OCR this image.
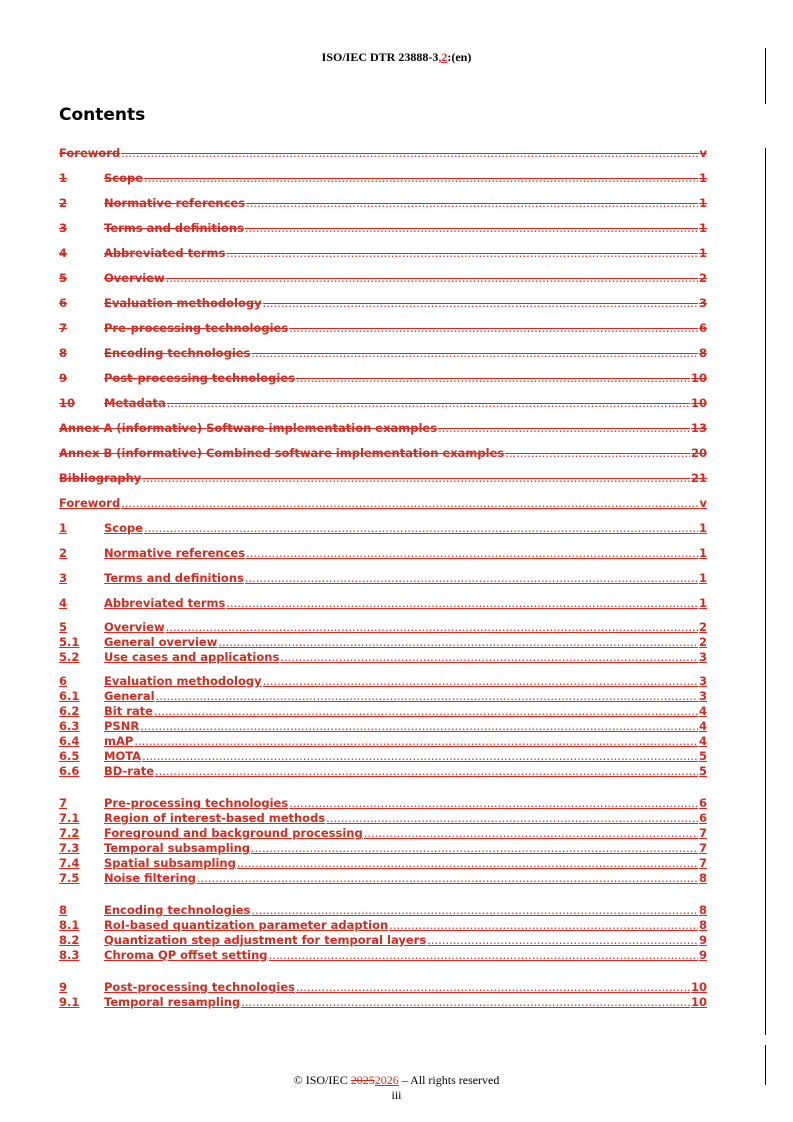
ISO/IEC DTR 23888-3,2:(en)
Contents
Foreword .....	v
1	Scope .....	1
2	Normative references .....	1
3	Terms and definitions .....	1
4	Abbreviated terms .....	1
5	Overview .....	2
6	Evaluation methodology .....	3
7	Pre-processing technologies .....	6
8	Encoding technologies .....	8
9	Post-processing technologies .....	10
10	Metadata .....	10
Annex A (informative) Software implementation examples .....	13
Annex B (informative) Combined software implementation examples .....	20
Bibliography .....	21
Foreword .....	v
1	Scope .....	1
2	Normative references .....	1
3	Terms and definitions .....	1
4	Abbreviated terms .....	1
5	Overview .....	2
5.1	General overview .....	2
5.2	Use cases and applications .....	3
6	Evaluation methodology .....	3
6.1	General .....	3
6.2	Bit rate .....	4
6.3	PSNR .....	4
6.4	mAP .....	4
6.5	MOTA .....	5
6.6	BD-rate .....	5
7	Pre-processing technologies .....	6
7.1	Region of interest-based methods .....	6
7.2	Foreground and background processing .....	7
7.3	Temporal subsampling .....	7
7.4	Spatial subsampling .....	7
7.5	Noise filtering .....	8
8	Encoding technologies .....	8
8.1	RoI-based quantization parameter adaption .....	8
8.2	Quantization step adjustment for temporal layers .....	9
8.3	Chroma QP offset setting .....	9
9	Post-processing technologies .....	10
9.1	Temporal resampling .....	10
© ISO/IEC 20252026 – All rights reserved
iii
